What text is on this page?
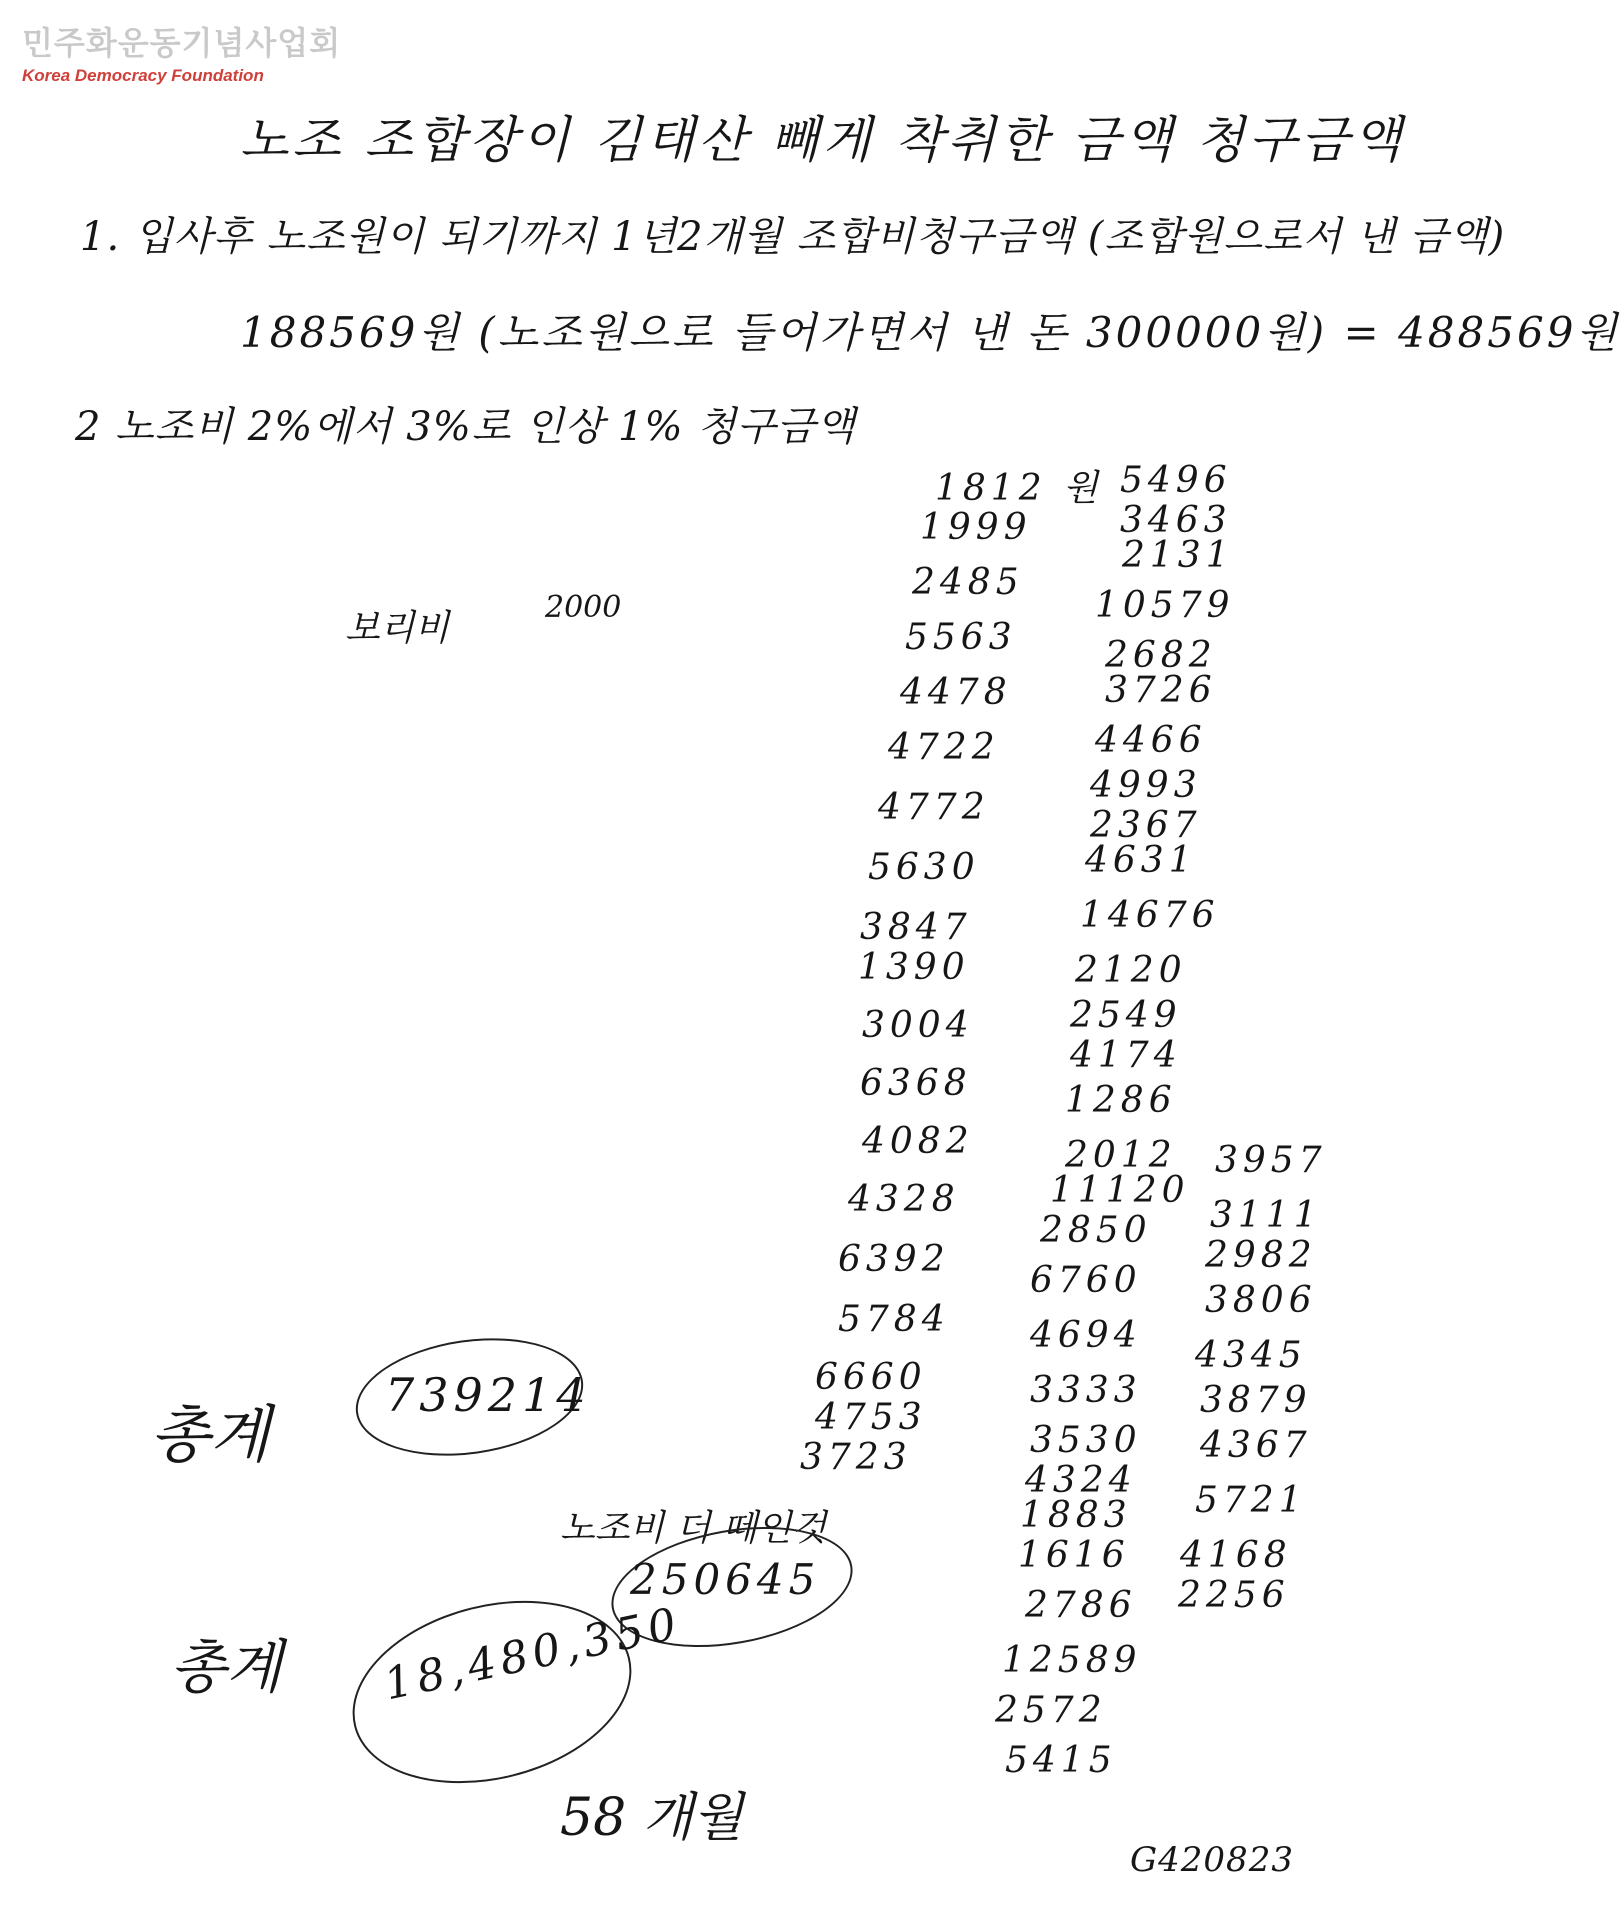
민주화운동기념사업회
Korea Democracy Foundation
노조 조합장이 김태산 빼게 착취한 금액 청구금액
1. 입사후 노조원이 되기까지 1년2개월 조합비청구금액 (조합원으로서 낸 금액)
188569원 (노조원으로 들어가면서 낸 돈 300000원) = 488569원
2 노조비 2%에서 3%로 인상 1% 청구금액
보리비
2000
1812 원
1999
2485
5563
4478
4722
4772
5630
3847
1390
3004
6368
4082
4328
6392
5784
6660
4753
3723
5496
3463
2131
10579
2682
3726
4466
4993
2367
4631
14676
2120
2549
4174
1286
2012
11120
2850
6760
4694
3333
3530
4324
1883
1616
2786
12589
2572
5415
3957
3111
2982
3806
4345
3879
4367
5721
4168
2256
총계
739214
노조비 더 떼인것
250645
총계 18,480,350
58 개월
G420823
